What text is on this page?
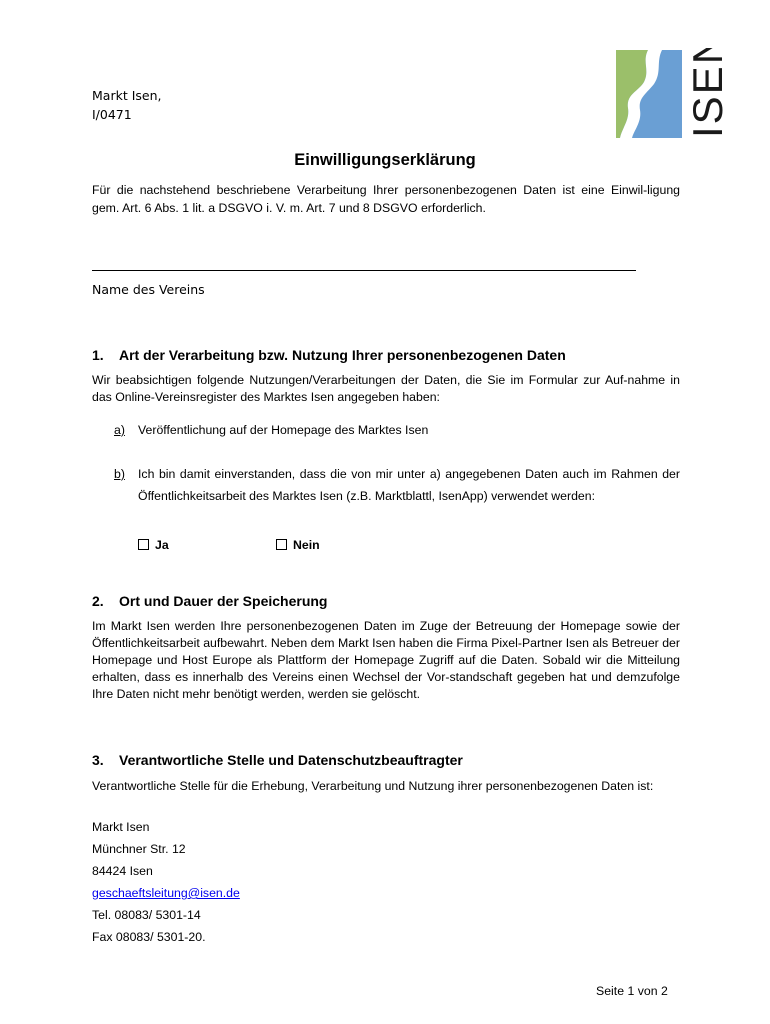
Markt Isen,
I/0471	ISEN
Einwilligungserklärung
Für die nachstehend beschriebene Verarbeitung Ihrer personenbezogenen Daten ist eine Einwil-ligung gem. Art. 6 Abs. 1 lit. a DSGVO i. V. m. Art. 7 und 8 DSGVO erforderlich.
Name des Vereins
1. Art der Verarbeitung bzw. Nutzung Ihrer personenbezogenen Daten
Wir beabsichtigen folgende Nutzungen/Verarbeitungen der Daten, die Sie im Formular zur Auf-nahme in das Online-Vereinsregister des Marktes Isen angegeben haben:
a) Veröffentlichung auf der Homepage des Marktes Isen
b) Ich bin damit einverstanden, dass die von mir unter a) angegebenen Daten auch im Rahmen der Öffentlichkeitsarbeit des Marktes Isen (z.B. Marktblattl, IsenApp) verwendet werden:
Ja	Nein
2. Ort und Dauer der Speicherung
Im Markt Isen werden Ihre personenbezogenen Daten im Zuge der Betreuung der Homepage sowie der Öffentlichkeitsarbeit aufbewahrt. Neben dem Markt Isen haben die Firma Pixel-Partner Isen als Betreuer der Homepage und Host Europe als Plattform der Homepage Zugriff auf die Daten. Sobald wir die Mitteilung erhalten, dass es innerhalb des Vereins einen Wechsel der Vor-standschaft gegeben hat und demzufolge Ihre Daten nicht mehr benötigt werden, werden sie gelöscht.
3. Verantwortliche Stelle und Datenschutzbeauftragter
Verantwortliche Stelle für die Erhebung, Verarbeitung und Nutzung ihrer personenbezogenen Daten ist:
Markt Isen
Münchner Str. 12
84424 Isen
geschaeftsleitung@isen.de
Tel. 08083/ 5301-14
Fax 08083/ 5301-20.
Seite 1 von 2
